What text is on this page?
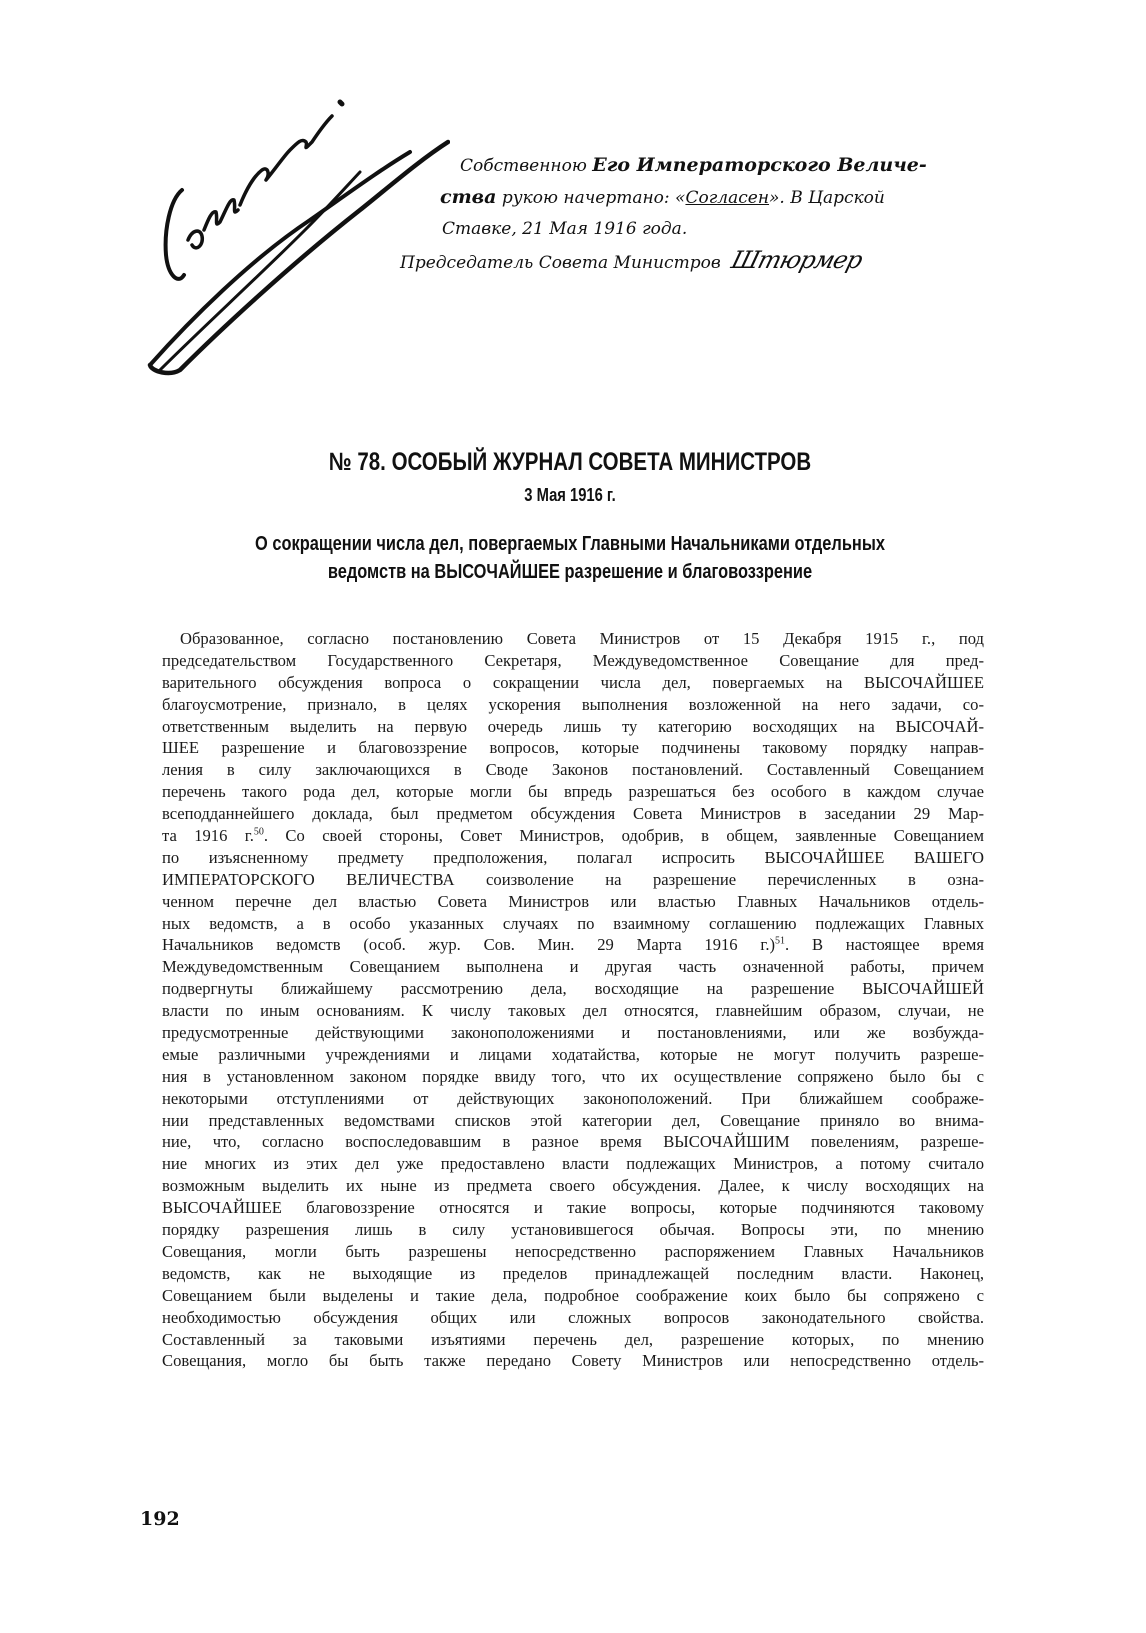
Собственною Его Императорского Величе-
ства рукою начертано: «Согласен». В Царской
Ставке, 21 Мая 1916 года.
Председатель Совета Министров Штюрмер
№ 78. ОСОБЫЙ ЖУРНАЛ СОВЕТА МИНИСТРОВ
3 Мая 1916 г.
О сокращении числа дел, повергаемых Главными Начальниками отдельных
ведомств на ВЫСОЧАЙШЕЕ разрешение и благовоззрение
Образованное, согласно постановлению Совета Министров от 15 Декабря 1915 г., под
председательством Государственного Секретаря, Междуведомственное Совещание для пред-
варительного обсуждения вопроса о сокращении числа дел, повергаемых на ВЫСОЧАЙШЕЕ
благоусмотрение, признало, в целях ускорения выполнения возложенной на него задачи, со-
ответственным выделить на первую очередь лишь ту категорию восходящих на ВЫСОЧАЙ-
ШЕЕ разрешение и благовоззрение вопросов, которые подчинены таковому порядку направ-
ления в силу заключающихся в Своде Законов постановлений. Составленный Совещанием
перечень такого рода дел, которые могли бы впредь разрешаться без особого в каждом случае
всеподданнейшего доклада, был предметом обсуждения Совета Министров в заседании 29 Мар-
та 1916 г.$^{50}$. Со своей стороны, Совет Министров, одобрив, в общем, заявленные Совещанием
по изъясненному предмету предположения, полагал испросить ВЫСОЧАЙШЕЕ ВАШЕГО
ИМПЕРАТОРСКОГО ВЕЛИЧЕСТВА соизволение на разрешение перечисленных в озна-
ченном перечне дел властью Совета Министров или властью Главных Начальников отдель-
ных ведомств, а в особо указанных случаях по взаимному соглашению подлежащих Главных
Начальников ведомств (особ. жур. Сов. Мин. 29 Марта 1916 г.)$^{51}$. В настоящее время
Междуведомственным Совещанием выполнена и другая часть означенной работы, причем
подвергнуты ближайшему рассмотрению дела, восходящие на разрешение ВЫСОЧАЙШЕЙ
власти по иным основаниям. К числу таковых дел относятся, главнейшим образом, случаи, не
предусмотренные действующими законоположениями и постановлениями, или же возбужда-
емые различными учреждениями и лицами ходатайства, которые не могут получить разреше-
ния в установленном законом порядке ввиду того, что их осуществление сопряжено было бы с
некоторыми отступлениями от действующих законоположений. При ближайшем соображе-
нии представленных ведомствами списков этой категории дел, Совещание приняло во внима-
ние, что, согласно воспоследовавшим в разное время ВЫСОЧАЙШИМ повелениям, разреше-
ние многих из этих дел уже предоставлено власти подлежащих Министров, а потому считало
возможным выделить их ныне из предмета своего обсуждения. Далее, к числу восходящих на
ВЫСОЧАЙШЕЕ благовоззрение относятся и такие вопросы, которые подчиняются таковому
порядку разрешения лишь в силу установившегося обычая. Вопросы эти, по мнению
Совещания, могли быть разрешены непосредственно распоряжением Главных Начальников
ведомств, как не выходящие из пределов принадлежащей последним власти. Наконец,
Совещанием были выделены и такие дела, подробное соображение коих было бы сопряжено с
необходимостью обсуждения общих или сложных вопросов законодательного свойства.
Составленный за таковыми изъятиями перечень дел, разрешение которых, по мнению
Совещания, могло бы быть также передано Совету Министров или непосредственно отдель-
192
